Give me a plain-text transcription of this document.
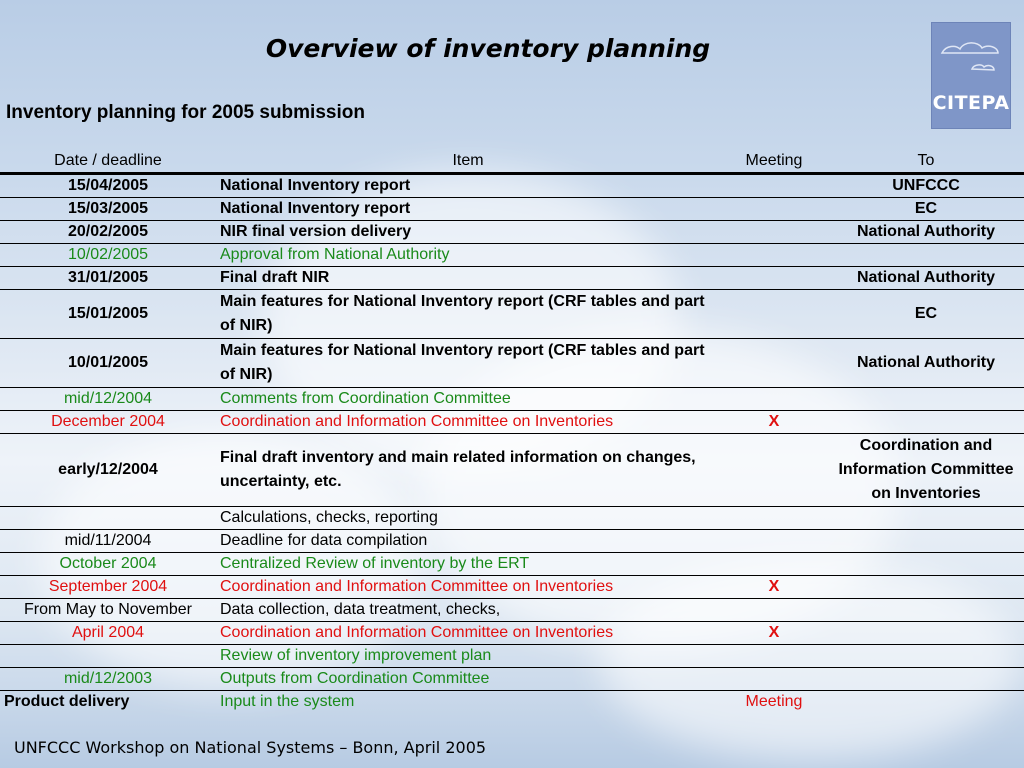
Overview of inventory planning
CITEPA
Inventory planning for 2005 submission
Date / deadline	Item	Meeting	To
15/04/2005	National Inventory report		UNFCCC
15/03/2005	National Inventory report		EC
20/02/2005	NIR final version delivery		National Authority
10/02/2005	Approval from National Authority		
31/01/2005	Final draft NIR		National Authority
15/01/2005	Main features for National Inventory report (CRF tables and part of NIR)		EC
10/01/2005	Main features for National Inventory report (CRF tables and part of NIR)		National Authority
mid/12/2004	Comments from Coordination Committee		
December 2004	Coordination and Information Committee on Inventories	X	
early/12/2004	Final draft inventory and main related information on changes, uncertainty, etc.		Coordination and Information Committee on Inventories
	Calculations, checks, reporting		
mid/11/2004	Deadline for data compilation		
October 2004	Centralized Review of inventory by the ERT		
September 2004	Coordination and Information Committee on Inventories	X	
From May to November	Data collection, data treatment, checks,		
April 2004	Coordination and Information Committee on Inventories	X	
	Review of inventory improvement plan		
mid/12/2003	Outputs from Coordination Committee		
Product delivery	Input in the system	Meeting	
UNFCCC Workshop on National Systems – Bonn, April 2005
